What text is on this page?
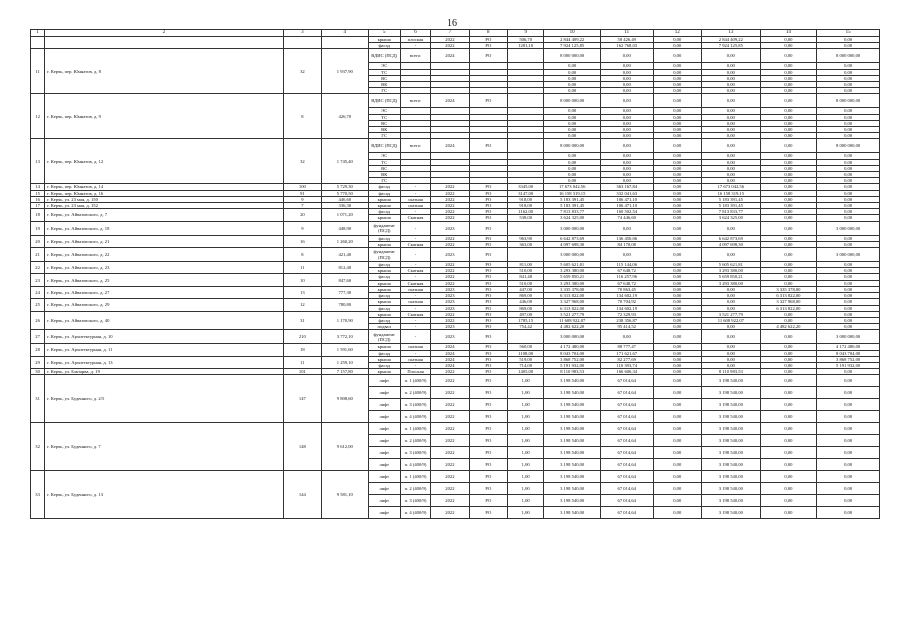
16
1	2	3	4	5	6	7	8	9	10	11	12	13	14	15
				крыша	плоская	2022	РО	506,70	2 844 409,22	58 426,49	0,00	2 844 409,22	0,00	0,00
				фасад	-	2022	РО	1281,10	7 924 125,85	162 768,03	0,00	7 924 125,85	0,00	0,00
11	г. Керчь, пер. Юннатов, д. 8	32	1 937,90	ВДИС (ПСД)	всего:	2024	РО		8 000 000,00	0,00	0,00	0,00	0,00	8 000 000,00
				ЭС					0,00	0,00	0,00	0,00	0,00	0,00
				ТС					0,00	0,00	0,00	0,00	0,00	0,00
				ВС					0,00	0,00	0,00	0,00	0,00	0,00
				ВК					0,00	0,00	0,00	0,00	0,00	0,00
				ГС					0,00	0,00	0,00	0,00	0,00	0,00
12	г. Керчь, пер. Юннатов, д. 9	8	426,70	ВДИС (ПСД)	всего:	2024	РО		8 000 000,00	0,00	0,00	0,00	0,00	8 000 000,00
				ЭС					0,00	0,00	0,00	0,00	0,00	0,00
				ТС					0,00	0,00	0,00	0,00	0,00	0,00
				ВС					0,00	0,00	0,00	0,00	0,00	0,00
				ВК					0,00	0,00	0,00	0,00	0,00	0,00
				ГС					0,00	0,00	0,00	0,00	0,00	0,00
13	г. Керчь, пер. Юннатов, д. 12	32	1 745,40	ВДИС (ПСД)	всего:	2024	РО		8 000 000,00	0,00	0,00	0,00	0,00	8 000 000,00
				ЭС					0,00	0,00	0,00	0,00	0,00	0,00
				ТС					0,00	0,00	0,00	0,00	0,00	0,00
				ВС					0,00	0,00	0,00	0,00	0,00	0,00
				ВК					0,00	0,00	0,00	0,00	0,00	0,00
				ГС					0,00	0,00	0,00	0,00	0,00	0,00
14	г. Керчь, пер. Юннатов, д. 14	100	5 729,30	фасад	-	2022	РО	3345,00	17 673 042,56	363 167,84	0,00	17 673 042,56	0,00	0,00
15	г. Керчь, пер. Юннатов, д. 16	91	5 770,50	фасад	-	2022	РО	3147,00	16 158 319,15	332 041,63	0,00	16 158 319,15	0,00	0,00
16	г. Керчь, ул. 23 мая, д. 150	9	446,60	крыша	скатная	2022	РО	918,00	5 183 391,45	106 471,10	0,00	5 183 391,45	0,00	0,00
17	г. Керчь, ул. 23 мая, д. 152	7	336,30	крыша	скатная	2022	РО	918,00	5 183 391,45	106 471,10	0,00	5 183 391,45	0,00	0,00
18	г. Керчь, ул. Айвазовского, д. 7	20	1 071,20	фасад	-	2022	РО	1162,00	7 813 833,77	160 502,54	0,00	7 813 833,77	0,00	0,00
				крыша	Скатная	2022	РО	538,00	3 624 325,00	74 446,60	0,00	3 624 325,00	0,00	0,00
19	г. Керчь, ул. Айвазовского, д. 18	9	448,90	фундамент (ПСД)	-	2023	РО		3 000 000,00	0,00	0,00	0,00	0,00	3 000 000,00
20	г. Керчь, ул. Айвазовского, д. 21	16	1 260,20	фасад	-	2022	РО	963,90	6 642 873,69	136 450,06	0,00	6 642 873,69	0,00	0,00
				крыша	Скатная	2022	РО	363,00	4 097 698,30	84 170,08	0,00	4 097 698,30	0,00	0,00
21	г. Керчь, ул. Айвазовского, д. 22	8	421,40	фундамент (ПСД)	-	2023	РО		3 000 000,00	0,00	0,00	0,00	0,00	3 000 000,00
22	г. Керчь, ул. Айвазовского, д. 23	11	812,40	фасад	-	2022	РО	811,00	5 605 621,81	115 144,06	0,00	5 605 621,81	0,00	0,00
				крыша	Скатная	2022	РО	510,00	3 293 380,00	67 648,72	0,00	3 293 380,00	0,00	0,00
23	г. Керчь, ул. Айвазовского, д. 25	10	847,60	фасад	-	2022	РО	841,48	5 659 850,21	116 257,96	0,00	5 659 850,21	0,00	0,00
				крыша	Скатная	2022	РО	510,00	3 293 380,00	67 648,72	0,00	3 293 380,00	0,00	0,00
24	г. Керчь, ул. Айвазовского, д. 27	13	777,30	крыша	скатная	2023	РО	447,00	3 335 378,00	70 863,45	0,00	0,00	3 335 378,00	0,00
				фасад	-	2023	РО	869,00	6 313 822,00	134 602,19	0,00	0,00	6 313 822,00	0,00
25	г. Керчь, ул. Айвазовского, д. 29	12	780,80	крыша	скатная	2023	РО	446,00	3 327 968,00	70 704,92	0,00	0,00	3 327 968,00	0,00
				фасад	-	2023	РО	869,00	6 313 822,00	134 602,19	0,00	0,00	6 313 822,00	0,00
26	г. Керчь, ул. Айвазовского, д. 40	31	1 170,90	крыша	Скатная	2022	РО	497,00	3 521 277,79	72 329,93	0,00	3 521 277,79	0,00	0,00
				фасад	-	2022	РО	1785,15	11 608 922,07	238 356,87	0,00	11 608 922,07	0,00	0,00
				подвал	-	2023	РО	754,42	4 482 622,20	95 414,52	0,00	0,00	4 482 622,20	0,00
27	г. Керчь, ул. Архитектурная, д. 10	210	3 772,10	фундамент (ПСД)	-	2023	РО		3 000 000,00	0,00	0,00	0,00	0,00	3 000 000,00
28	г. Керчь, ул. Архитектурная, д. 11	18	1 591,60	крыша	скатная	2024	РО	560,00	4 172 480,00	88 777,47	0,00	0,00	0,00	4 172 480,00
				фасад	-	2024	РО	1108,00	8 043 704,00	171 621,67	0,00	0,00	0,00	8 043 704,00
29	г. Керчь, ул. Архитектурная, д. 13	11	1 259,10	крыша	скатная	2024	РО	519,00	3 868 752,00	82 277,69	0,00	0,00	0,00	3 868 752,00
				фасад	-	2024	РО	714,00	5 191 932,00	110 393,74	0,00	0,00	0,00	5 191 932,00
30	г. Керчь, ул. Бэкзарва, д. 19	101	7 157,80	крыша	Плоская	2022	РО	1405,00	8 110 983,53	166 606,34	0,00	8 110 983,53	0,00	0,00
31	г. Керчь, ул. Буденного, д. 2/5	147	9 808,60	лифт	п. 1 (400/9)	2022	РО	1,00	3 198 540,00	67 014,64	0,00	3 198 540,00	0,00	0,00
				лифт	п. 2 (400/9)	2022	РО	1,00	3 198 540,00	67 014,64	0,00	3 198 540,00	0,00	0,00
				лифт	п. 3 (400/9)	2022	РО	1,00	3 198 540,00	67 014,64	0,00	3 198 540,00	0,00	0,00
				лифт	п. 4 (400/9)	2022	РО	1,00	3 198 540,00	67 014,64	0,00	3 198 540,00	0,00	0,00
32	г. Керчь, ул. Буденного, д. 7	148	9 612,00	лифт	п. 1 (400/9)	2022	РО	1,00	3 198 540,00	67 014,64	0,00	3 198 540,00	0,00	0,00
				лифт	п. 2 (400/9)	2022	РО	1,00	3 198 540,00	67 014,64	0,00	3 198 540,00	0,00	0,00
				лифт	п. 3 (400/9)	2022	РО	1,00	3 198 540,00	67 014,64	0,00	3 198 540,00	0,00	0,00
				лифт	п. 4 (400/9)	2022	РО	1,00	3 198 540,00	67 014,64	0,00	3 198 540,00	0,00	0,00
33	г. Керчь, ул. Буденного, д. 13	144	9 581,10	лифт	п. 1 (400/9)	2022	РО	1,00	3 198 540,00	67 014,64	0,00	3 198 540,00	0,00	0,00
				лифт	п. 2 (400/9)	2022	РО	1,00	3 198 540,00	67 014,64	0,00	3 198 540,00	0,00	0,00
				лифт	п. 3 (400/9)	2022	РО	1,00	3 198 540,00	67 014,64	0,00	3 198 540,00	0,00	0,00
				лифт	п. 4 (400/9)	2022	РО	1,00	3 198 540,00	67 014,64	0,00	3 198 540,00	0,00	0,00
